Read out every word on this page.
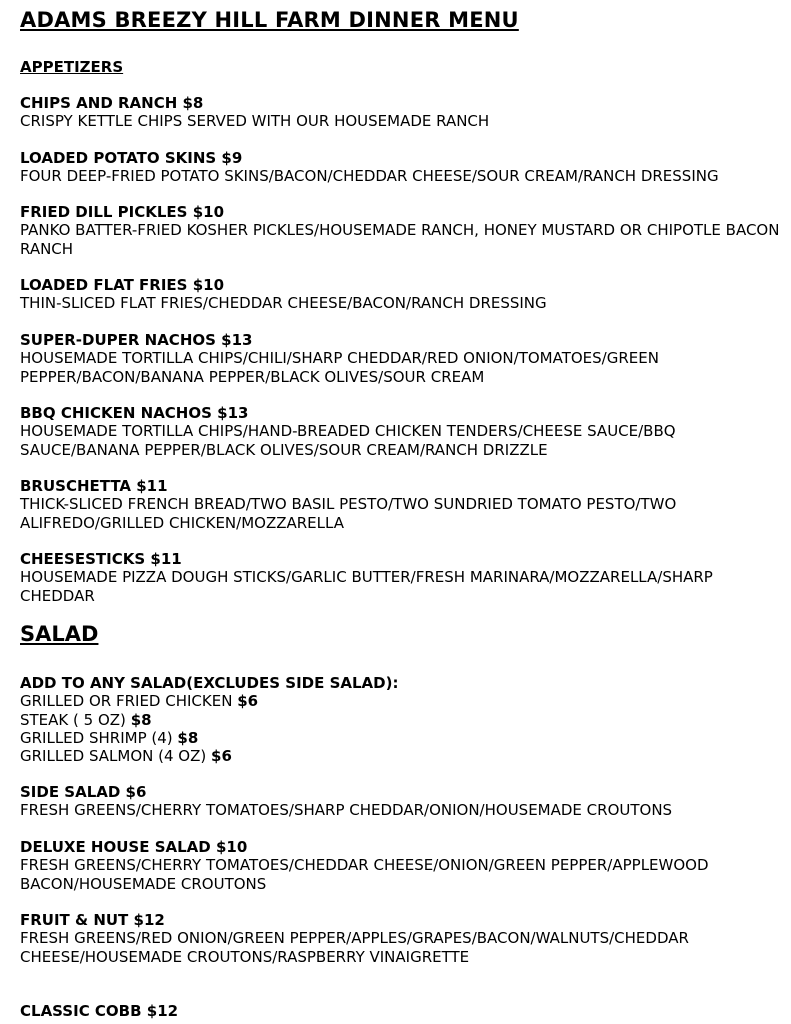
ADAMS BREEZY HILL FARM DINNER MENU
APPETIZERS
CHIPS AND RANCH $8
CRISPY KETTLE CHIPS SERVED WITH OUR HOUSEMADE RANCH
LOADED POTATO SKINS $9
FOUR DEEP-FRIED POTATO SKINS/BACON/CHEDDAR CHEESE/SOUR CREAM/RANCH DRESSING
FRIED DILL PICKLES $10
PANKO BATTER-FRIED KOSHER PICKLES/HOUSEMADE RANCH, HONEY MUSTARD OR CHIPOTLE BACON RANCH
LOADED FLAT FRIES $10
THIN-SLICED FLAT FRIES/CHEDDAR CHEESE/BACON/RANCH DRESSING
SUPER-DUPER NACHOS $13
HOUSEMADE TORTILLA CHIPS/CHILI/SHARP CHEDDAR/RED ONION/TOMATOES/GREEN PEPPER/BACON/BANANA PEPPER/BLACK OLIVES/SOUR CREAM
BBQ CHICKEN NACHOS $13
HOUSEMADE TORTILLA CHIPS/HAND-BREADED CHICKEN TENDERS/CHEESE SAUCE/BBQ SAUCE/BANANA PEPPER/BLACK OLIVES/SOUR CREAM/RANCH DRIZZLE
BRUSCHETTA $11
THICK-SLICED FRENCH BREAD/TWO BASIL PESTO/TWO SUNDRIED TOMATO PESTO/TWO ALIFREDO/GRILLED CHICKEN/MOZZARELLA
CHEESESTICKS $11
HOUSEMADE PIZZA DOUGH STICKS/GARLIC BUTTER/FRESH MARINARA/MOZZARELLA/SHARP CHEDDAR
SALAD
ADD TO ANY SALAD(EXCLUDES SIDE SALAD):
GRILLED OR FRIED CHICKEN $6
STEAK ( 5 OZ) $8
GRILLED SHRIMP (4) $8
GRILLED SALMON (4 OZ) $6
SIDE SALAD $6
FRESH GREENS/CHERRY TOMATOES/SHARP CHEDDAR/ONION/HOUSEMADE CROUTONS
DELUXE HOUSE SALAD $10
FRESH GREENS/CHERRY TOMATOES/CHEDDAR CHEESE/ONION/GREEN PEPPER/APPLEWOOD BACON/HOUSEMADE CROUTONS
FRUIT & NUT $12
FRESH GREENS/RED ONION/GREEN PEPPER/APPLES/GRAPES/BACON/WALNUTS/CHEDDAR CHEESE/HOUSEMADE CROUTONS/RASPBERRY VINAIGRETTE
CLASSIC COBB $12
